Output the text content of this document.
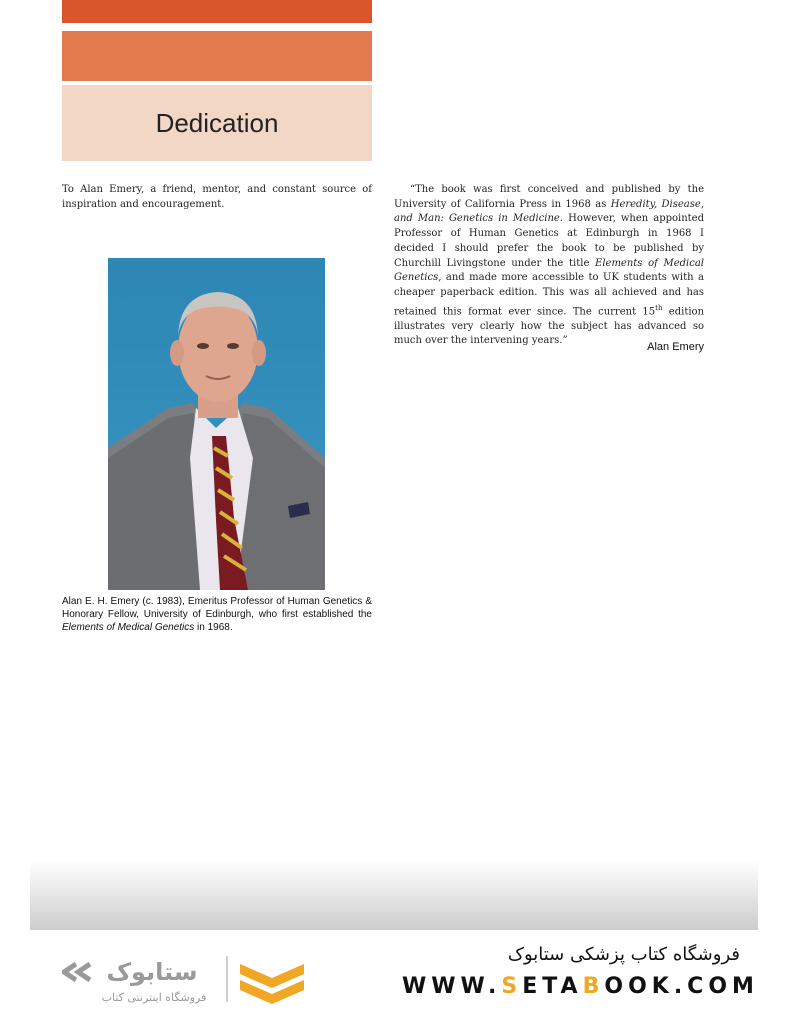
Dedication
To Alan Emery, a friend, mentor, and constant source of inspiration and encouragement.
Alan E. H. Emery (c. 1983), Emeritus Professor of Human Genetics & Honorary Fellow, University of Edinburgh, who first established the Elements of Medical Genetics in 1968.

“The book was first conceived and published by the University of California Press in 1968 as Heredity, Disease, and Man: Genetics in Medicine. However, when appointed Professor of Human Genetics at Edinburgh in 1968 I decided I should prefer the book to be published by Churchill Livingstone under the title Elements of Medical Genetics, and made more accessible to UK students with a cheaper paperback edition. This was all achieved and has retained this format ever since. The current 15th edition illustrates very clearly how the subject has advanced so much over the intervening years.”

Alan Emery
ستابوک
فروشگاه اینترنتی کتاب
فروشگاه کتاب پزشکی ستابوک
WWW.SETABOOK.COM
